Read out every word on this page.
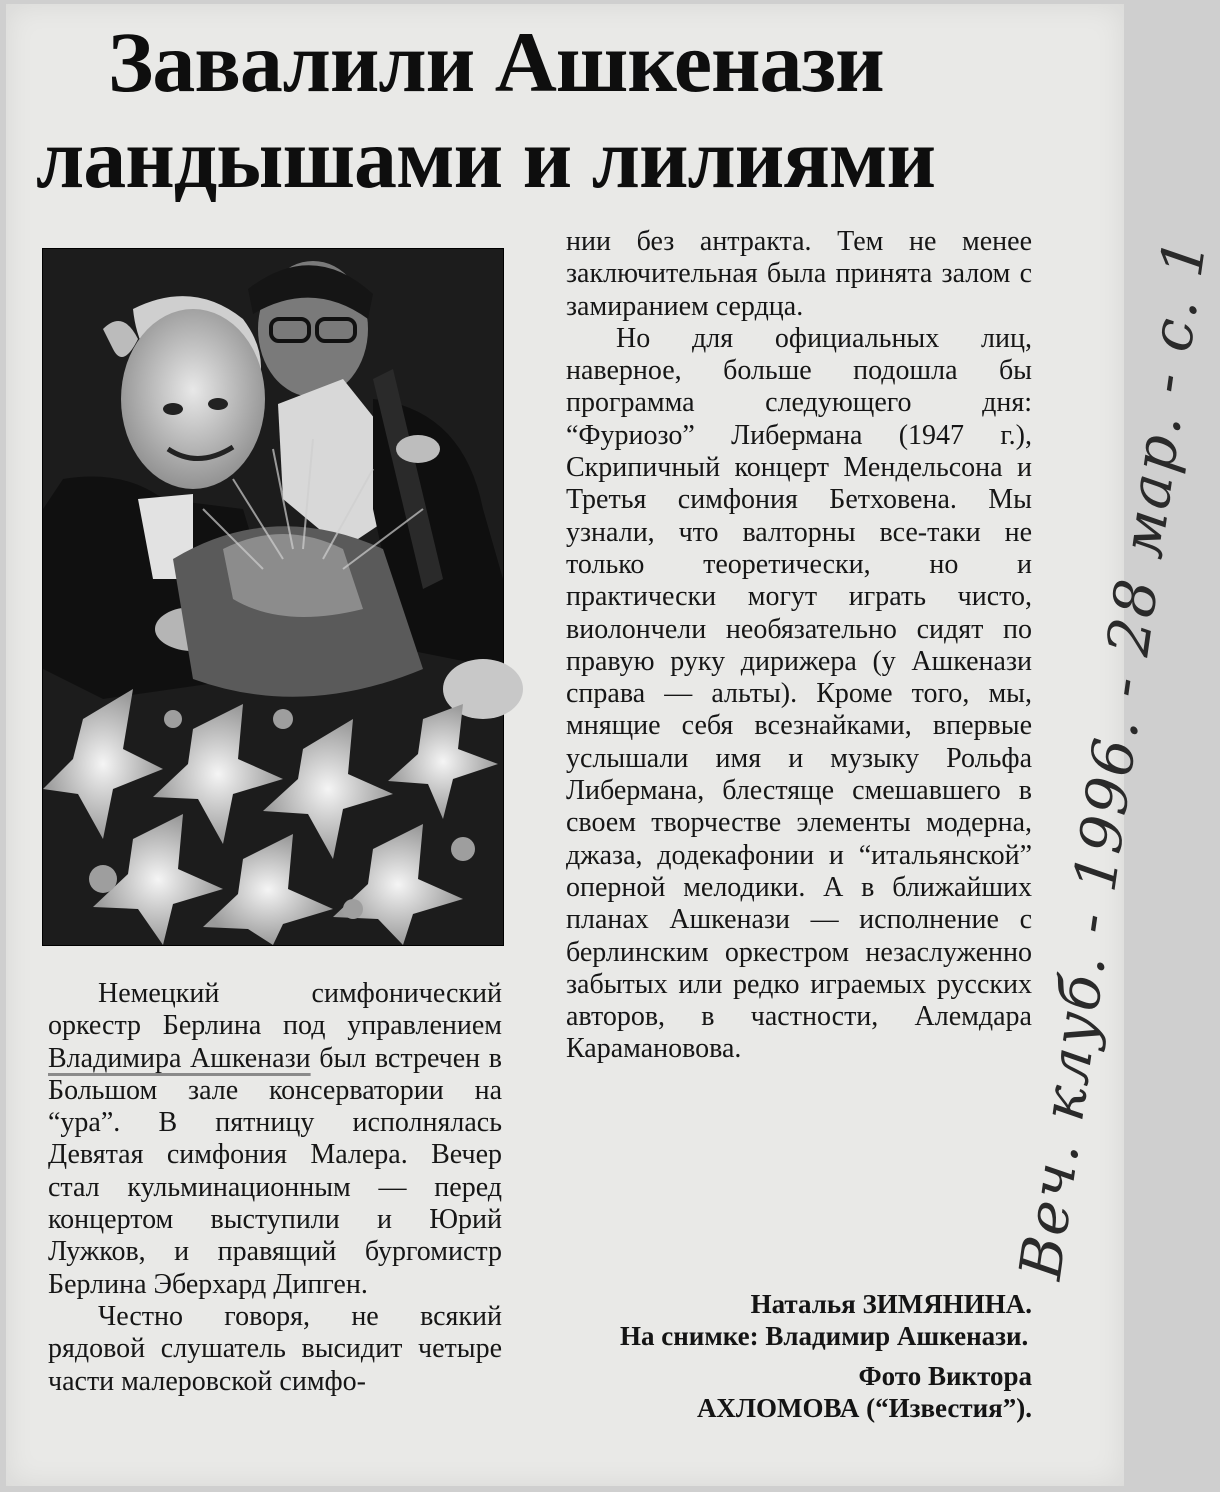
Завалили Ашкенази
ландышами и лилиями

Немецкий симфонический оркестр Берлина под управлением Владимира Ашкенази был встречен в Большом зале консерватории на “ура”. В пятницу исполнялась Девятая симфония Малера. Вечер стал кульминационным — перед концертом выступили и Юрий Лужков, и правящий бургомистр Берлина Эберхард Дипген.

Честно говоря, не всякий рядовой слушатель высидит четыре части малеровской симфо-

нии без антракта. Тем не менее заключительная была принята залом с замиранием сердца.

Но для официальных лиц, наверное, больше подошла бы программа следующего дня: “Фуриозо” Либермана (1947 г.), Скрипичный концерт Мендельсона и Третья симфония Бетховена. Мы узнали, что валторны все-таки не только теоретически, но и практически могут играть чисто, виолончели необязательно сидят по правую руку дирижера (у Ашкенази справа — альты). Кроме того, мы, мнящие себя всезнайками, впервые услышали имя и музыку Рольфа Либермана, блестяще смешавшего в своем творчестве элементы модерна, джаза, додекафонии и “итальянской” оперной мелодики. А в ближайших планах Ашкенази — исполнение с берлинским оркестром незаслуженно забытых или редко играемых русских авторов, в частности, Алемдара Карамановова.

Наталья ЗИМЯНИНА.

На снимке: Владимир Ашкенази.

Фото Виктора
АХЛОМОВА (“Известия”).

Веч. клуб. - 1996. - 28 мар. - с. 1
